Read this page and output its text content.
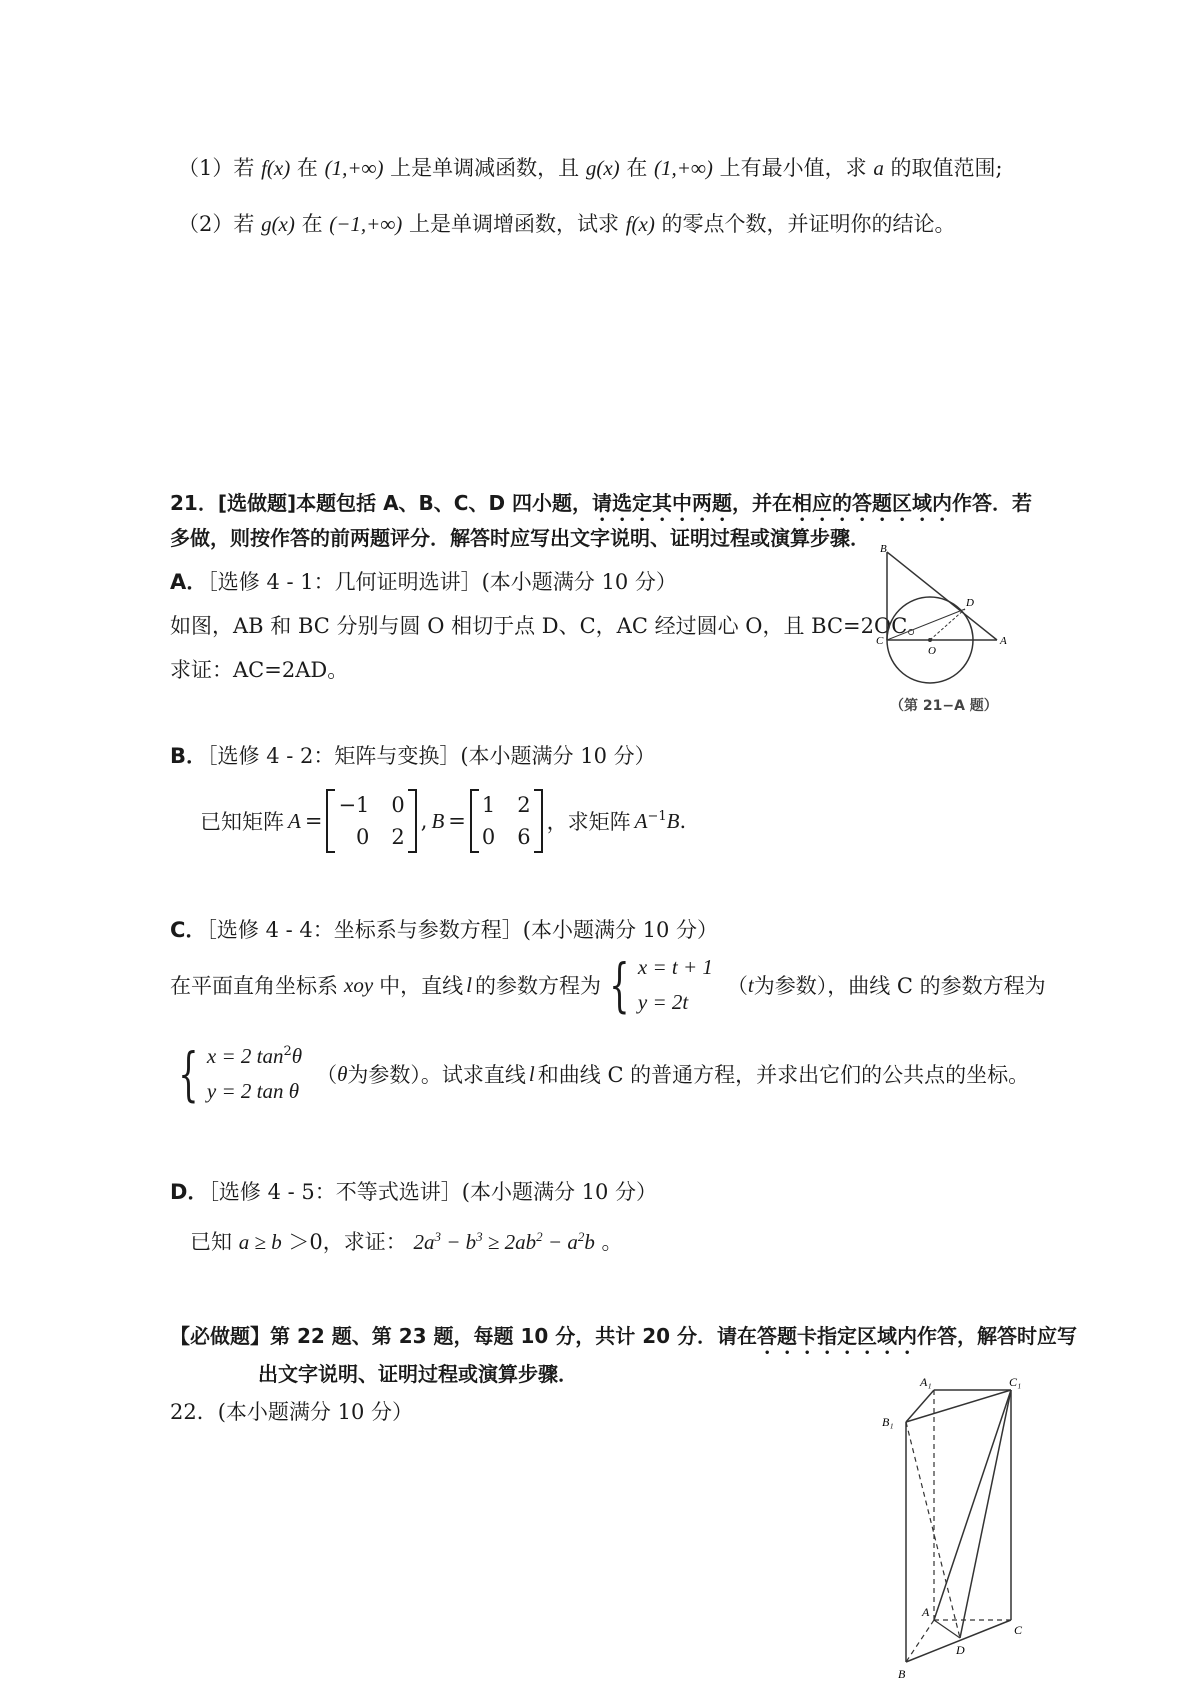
（1）若 f(x) 在 (1,+∞) 上是单调减函数，且 g(x) 在 (1,+∞) 上有最小值，求 a 的取值范围;
（2）若 g(x) 在 (−1,+∞) 上是单调增函数，试求 f(x) 的零点个数，并证明你的结论。
21．[选做题]本题包括 A、B、C、D 四小题，请选定其中两题，并在相应的答题区域内作答．若
多做，则按作答的前两题评分．解答时应写出文字说明、证明过程或演算步骤．
A．［选修 4 - 1：几何证明选讲］(本小题满分 10 分）
如图，AB 和 BC 分别与圆 O 相切于点 D、C，AC 经过圆心 O，且 BC=2OC。
求证：AC=2AD。
B
D
C
O
A
（第 21−A 题）
B．［选修 4 - 2：矩阵与变换］(本小题满分 10 分）
已知矩阵 A =
−1 0
0 2
, B =
1 2
0 6
，求矩阵 $A^{-1}B$.
C．［选修 4 - 4：坐标系与参数方程］(本小题满分 10 分）
在平面直角坐标系 xoy 中，直线 l 的参数方程为 { x = t + 1
y = 2t
（ t 为参数），曲线 C 的参数方程为
{ x = 2 $\tan^2\theta$
y = 2 tan θ
（ θ 为参数）。试求直线 l 和曲线 C 的普通方程，并求出它们的公共点的坐标。
D．［选修 4 - 5：不等式选讲］(本小题满分 10 分）
已知 a ≥ b ＞0，求证： $2a^3 - b^3 \ge 2ab^2 - a^2b$ 。
【必做题】第 22 题、第 23 题，每题 10 分，共计 20 分．请在答题卡指定区域内作答，解答时应写
出文字说明、证明过程或演算步骤．
22．(本小题满分 10 分）
A₁	C₁
B₁
A
D
C
B
